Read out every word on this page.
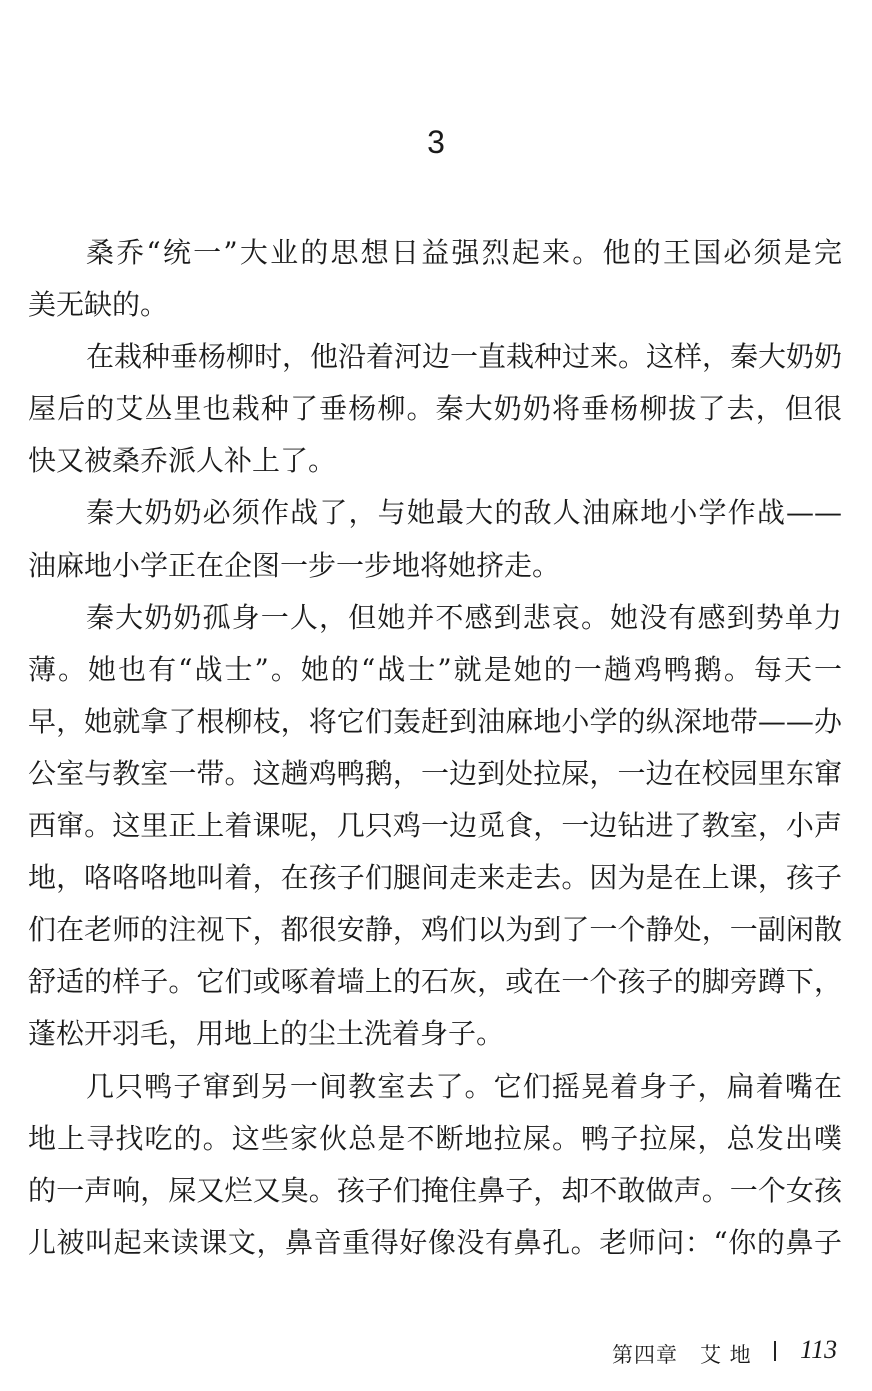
3
桑乔“统一”大业的思想日益强烈起来。他的王国必须是完
美无缺的。
在栽种垂杨柳时，他沿着河边一直栽种过来。这样，秦大奶奶
屋后的艾丛里也栽种了垂杨柳。秦大奶奶将垂杨柳拔了去，但很
快又被桑乔派人补上了。
秦大奶奶必须作战了，与她最大的敌人油麻地小学作战——
油麻地小学正在企图一步一步地将她挤走。
秦大奶奶孤身一人，但她并不感到悲哀。她没有感到势单力
薄。她也有“战士”。她的“战士”就是她的一趟鸡鸭鹅。每天一
早，她就拿了根柳枝，将它们轰赶到油麻地小学的纵深地带——办
公室与教室一带。这趟鸡鸭鹅，一边到处拉屎，一边在校园里东窜
西窜。这里正上着课呢，几只鸡一边觅食，一边钻进了教室，小声
地，咯咯咯地叫着，在孩子们腿间走来走去。因为是在上课，孩子
们在老师的注视下，都很安静，鸡们以为到了一个静处，一副闲散
舒适的样子。它们或啄着墙上的石灰，或在一个孩子的脚旁蹲下，
蓬松开羽毛，用地上的尘土洗着身子。
几只鸭子窜到另一间教室去了。它们摇晃着身子，扁着嘴在
地上寻找吃的。这些家伙总是不断地拉屎。鸭子拉屎，总发出噗
的一声响，屎又烂又臭。孩子们掩住鼻子，却不敢做声。一个女孩
儿被叫起来读课文，鼻音重得好像没有鼻孔。老师问：“你的鼻子
第四章　艾 地 113
